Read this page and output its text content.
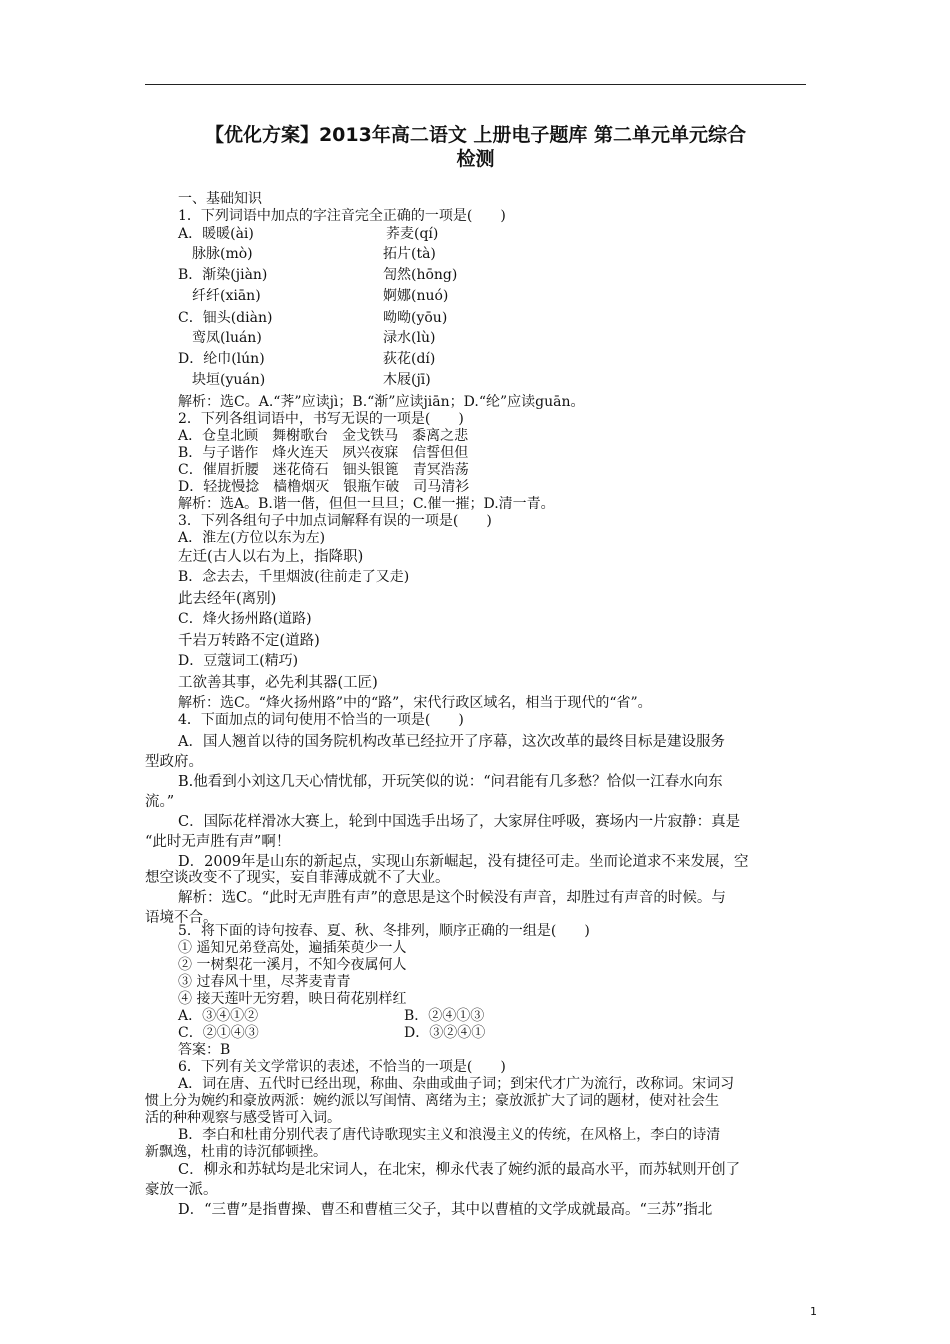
【优化方案】2013年高二语文 上册电子题库 第二单元单元综合
检测
一、基础知识
1．下列词语中加点的字注音完全正确的一项是(　　)
A．暖暖(ài)
　脉脉(mò)
B．渐染(jiàn)
　纤纤(xiān)
C．钿头(diàn)
　鸾凤(luán)
D．纶巾(lún)
　块垣(yuán)
解析：选C。A.“荠”应读jì；B.“渐”应读jiān；D.“纶”应读guān。
2．下列各组词语中，书写无误的一项是(　　)
A．仓皇北顾　舞榭歌台　金戈铁马　黍离之悲
B．与子谐作　烽火连天　夙兴夜寐　信誓但但
C．催眉折腰　迷花倚石　钿头银篦　青冥浩荡
D．轻拢慢捻　樯橹烟灭　银瓶乍破　司马清衫
解析：选A。B.谐一偕，但但一旦旦；C.催一摧；D.清一青。
3．下列各组句子中加点词解释有误的一项是(　　)
A．淮左(方位以东为左)
左迁(古人以右为上，指降职)
B．念去去，千里烟波(往前走了又走)
此去经年(离别)
C．烽火扬州路(道路)
千岩万转路不定(道路)
D．豆蔻词工(精巧)
工欲善其事，必先利其器(工匠)
解析：选C。“烽火扬州路”中的“路”，宋代行政区域名，相当于现代的“省”。
4．下面加点的词句使用不恰当的一项是(　　)
A．国人翘首以待的国务院机构改革已经拉开了序幕，这次改革的最终目标是建设服务
型政府。
B.他看到小刘这几天心情忧郁，开玩笑似的说：“问君能有几多愁？恰似一江春水向东
流。”
C．国际花样滑冰大赛上，轮到中国选手出场了，大家屏住呼吸，赛场内一片寂静：真是
“此时无声胜有声”啊！
D．2009年是山东的新起点，实现山东新崛起，没有捷径可走。坐而论道求不来发展，空
想空谈改变不了现实，妄自菲薄成就不了大业。
解析：选C。“此时无声胜有声”的意思是这个时候没有声音，却胜过有声音的时候。与
语境不合。
5．将下面的诗句按春、夏、秋、冬排列，顺序正确的一组是(　　)
① 遥知兄弟登高处，遍插茱萸少一人
② 一树梨花一溪月，不知今夜属何人
③ 过春风十里，尽荠麦青青
④ 接天莲叶无穷碧，映日荷花别样红
A．③④①②
C．②①④③
答案：B
6．下列有关文学常识的表述，不恰当的一项是(　　)
A．词在唐、五代时已经出现，称曲、杂曲或曲子词；到宋代才广为流行，改称词。宋词习
惯上分为婉约和豪放两派：婉约派以写闺情、离绪为主；豪放派扩大了词的题材，使对社会生
活的种种观察与感受皆可入词。
B．李白和杜甫分别代表了唐代诗歌现实主义和浪漫主义的传统，在风格上，李白的诗清
新飘逸，杜甫的诗沉郁顿挫。
C．柳永和苏轼均是北宋词人，在北宋，柳永代表了婉约派的最高水平，而苏轼则开创了
豪放一派。
D．“三曹”是指曹操、曹丕和曹植三父子，其中以曹植的文学成就最高。“三苏”指北
荞麦(qí)
拓片(tà)
訇然(hōng)
婀娜(nuó)
呦呦(yōu)
渌水(lù)
荻花(dí)
木屐(jī)
B．②④①③
D．③②④①
1
